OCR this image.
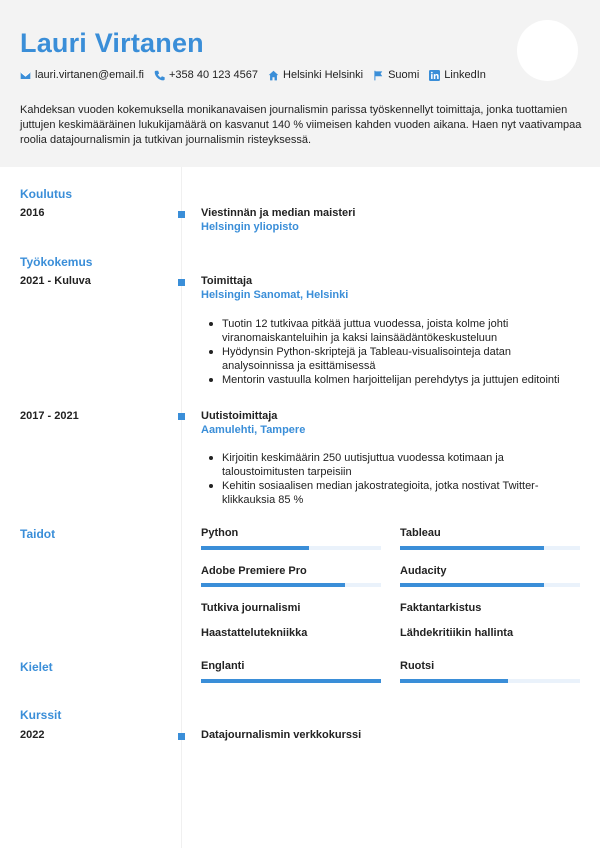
Lauri Virtanen
lauri.virtanen@email.fi +358 40 123 4567 Helsinki Helsinki Suomi LinkedIn
Kahdeksan vuoden kokemuksella monikanavaisen journalismin parissa työskennellyt toimittaja, jonka tuottamien juttujen keskimääräinen lukukijamäärä on kasvanut 140 % viimeisen kahden vuoden aikana. Haen nyt vaativampaa roolia datajournalismin ja tutkivan journalismin risteyksessä.
Koulutus
2016	Viestinnän ja median maisteri
Helsingin yliopisto
Työkokemus
2021 - Kuluva	Toimittaja
Helsingin Sanomat, Helsinki
Tuotin 12 tutkivaa pitkää juttua vuodessa, joista kolme johti viranomaiskanteluihin ja kaksi lainsäädäntökeskusteluun
Hyödynsin Python-skriptejä ja Tableau-visualisointeja datan analysoinnissa ja esittämisessä
Mentorin vastuulla kolmen harjoittelijan perehdytys ja juttujen editointi
2017 - 2021	Uutistoimittaja
Aamulehti, Tampere
Kirjoitin keskimäärin 250 uutisjuttua vuodessa kotimaan ja taloustoimitusten tarpeisiin
Kehitin sosiaalisen median jakostrategioita, jotka nostivat Twitter-klikkauksia 85 %
Taidot	Python	Tableau
Adobe Premiere Pro	Audacity
Tutkiva journalismi	Faktantarkistus
Haastattelutekniikka	Lähdekritiikin hallinta
Kielet	Englanti	Ruotsi
Kurssit
2022	Datajournalismin verkkokurssi
